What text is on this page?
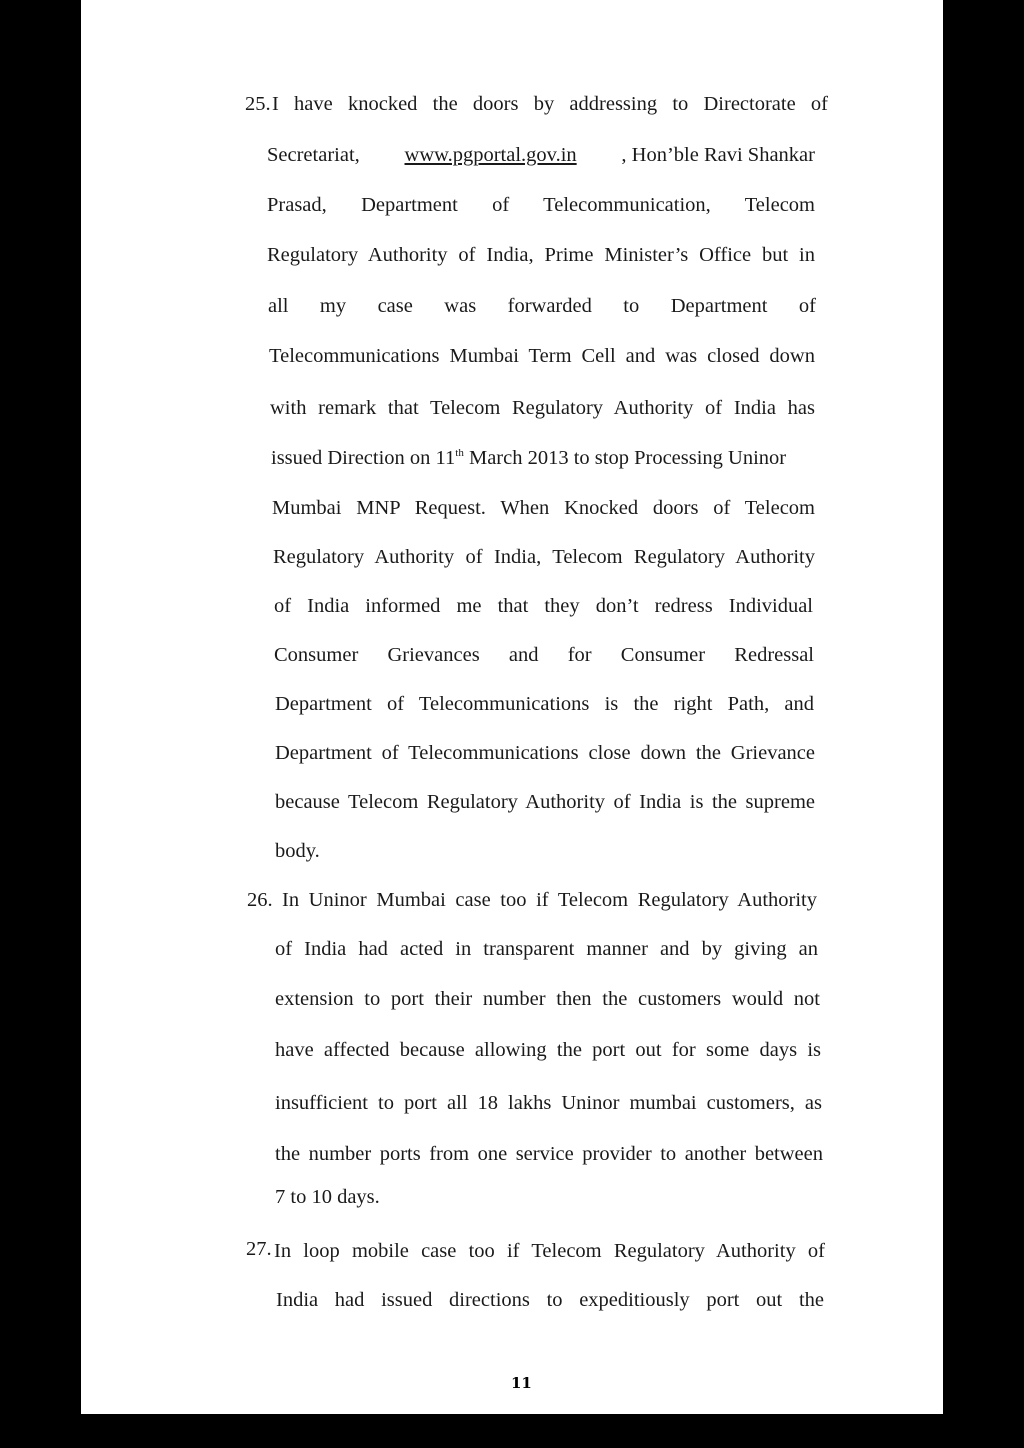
25. I have knocked the doors by addressing to Directorate of
Secretariat, www.pgportal.gov.in , Hon’ble Ravi Shankar
Prasad, Department of Telecommunication, Telecom
Regulatory Authority of India, Prime Minister’s Office but in
all my case was forwarded to Department of
Telecommunications Mumbai Term Cell and was closed down
with remark that Telecom Regulatory Authority of India has
issued Direction on 11th March 2013 to stop Processing Uninor
Mumbai MNP Request. When Knocked doors of Telecom
Regulatory Authority of India, Telecom Regulatory Authority
of India informed me that they don’t redress Individual
Consumer Grievances and for Consumer Redressal
Department of Telecommunications is the right Path, and
Department of Telecommunications close down the Grievance
because Telecom Regulatory Authority of India is the supreme
body.
26. In Uninor Mumbai case too if Telecom Regulatory Authority
of India had acted in transparent manner and by giving an
extension to port their number then the customers would not
have affected because allowing the port out for some days is
insufficient to port all 18 lakhs Uninor mumbai customers, as
the number ports from one service provider to another between
7 to 10 days.
27. In loop mobile case too if Telecom Regulatory Authority of
India had issued directions to expeditiously port out the
11
